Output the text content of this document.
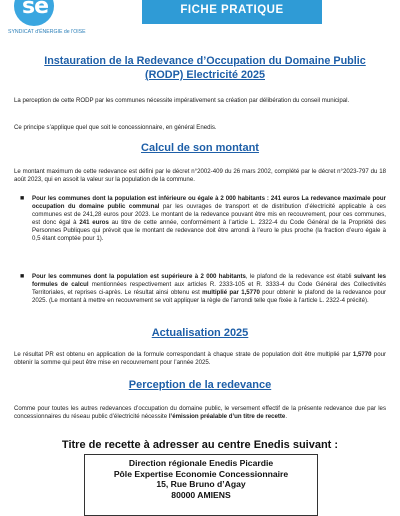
se
SYNDICAT d'ÉNERGIE de l'OISE
FICHE PRATIQUE
Instauration de la Redevance d’Occupation du Domaine Public (RODP) Electricité 2025
La perception de cette RODP par les communes nécessite impérativement sa création par délibération du conseil municipal.
Ce principe s’applique quel que soit le concessionnaire, en général Enedis.
Calcul de son montant
Le montant maximum de cette redevance est défini par le décret n°2002-409 du 26 mars 2002, complété par le décret n°2023-797 du 18 août 2023, qui en assoit la valeur sur la population de la commune.
■ Pour les communes dont la population est inférieure ou égale à 2 000 habitants : 241 euros La redevance maximale pour occupation du domaine public communal par les ouvrages de transport et de distribution d’électricité applicable à ces communes est de 241,28 euros pour 2023. Le montant de la redevance pouvant être mis en recouvrement, pour ces communes, est donc égal à 241 euros au titre de cette année, conformément à l’article L. 2322-4 du Code Général de la Propriété des Personnes Publiques qui prévoit que le montant de redevance doit être arrondi à l’euro le plus proche (la fraction d’euro égale à 0,5 étant comptée pour 1).
■ Pour les communes dont la population est supérieure à 2 000 habitants, le plafond de la redevance est établi suivant les formules de calcul mentionnées respectivement aux articles R. 2333-105 et R. 3333-4 du Code Général des Collectivités Territoriales, et reprises ci-après. Le résultat ainsi obtenu est multiplié par 1,5770 pour obtenir le plafond de la redevance pour 2025. (Le montant à mettre en recouvrement se voit appliquer la règle de l’arrondi telle que fixée à l’article L. 2322-4 précité).
Actualisation 2025
Le résultat PR est obtenu en application de la formule correspondant à chaque strate de population doit être multiplié par 1,5770 pour obtenir la somme qui peut être mise en recouvrement pour l’année 2025.
Perception de la redevance
Comme pour toutes les autres redevances d’occupation du domaine public, le versement effectif de la présente redevance due par les concessionnaires du réseau public d’électricité nécessite l’émission préalable d’un titre de recette.
Titre de recette à adresser au centre Enedis suivant :
Direction régionale Enedis Picardie
Pôle Expertise Economie Concessionnaire
15, Rue Bruno d’Agay
80000 AMIENS
